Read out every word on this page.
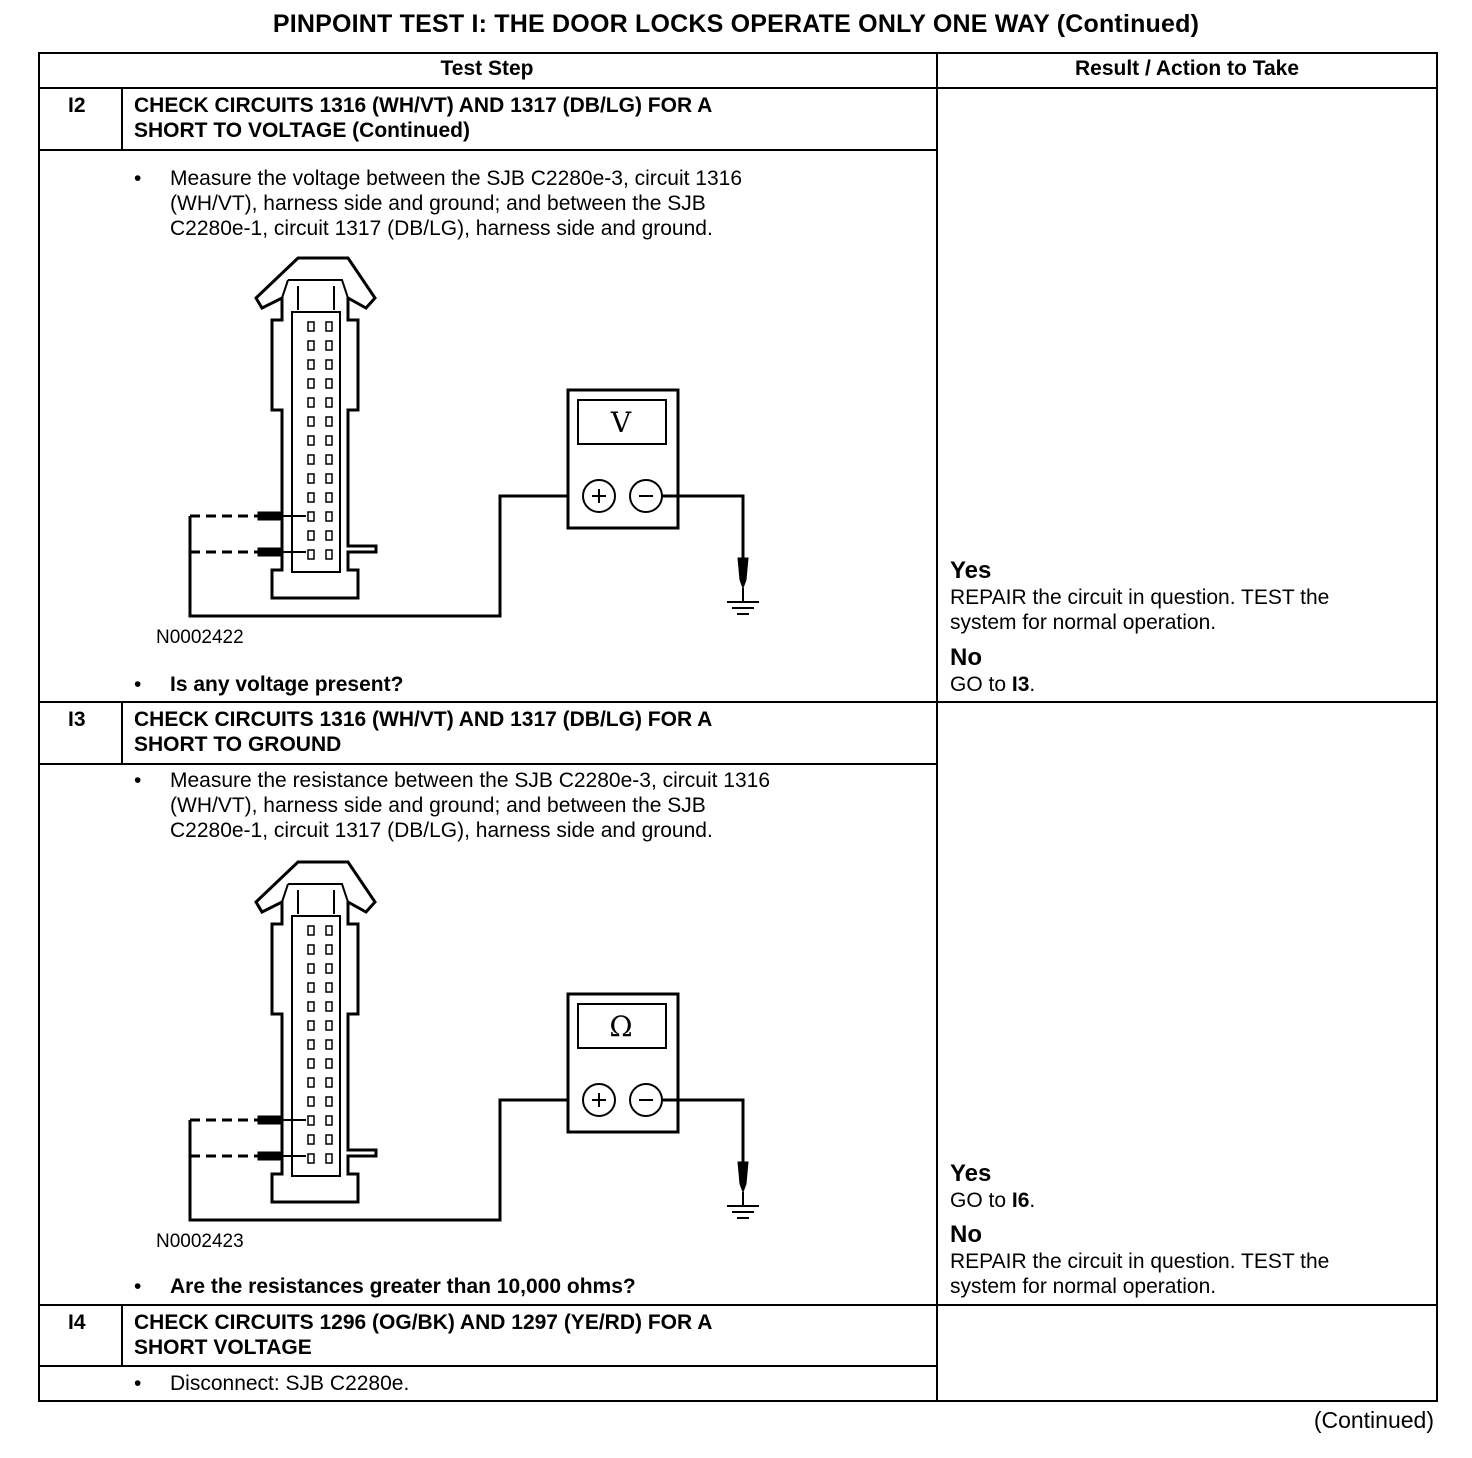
PINPOINT TEST I: THE DOOR LOCKS OPERATE ONLY ONE WAY (Continued)
Test Step	Result / Action to Take
I2 CHECK CIRCUITS 1316 (WH/VT) AND 1317 (DB/LG) FOR A
SHORT TO VOLTAGE (Continued)
• Measure the voltage between the SJB C2280e-3, circuit 1316
(WH/VT), harness side and ground; and between the SJB
C2280e-1, circuit 1317 (DB/LG), harness side and ground.
N0002422
• Is any voltage present?
Yes
REPAIR the circuit in question. TEST the
system for normal operation.
No
GO to I3.
I3 CHECK CIRCUITS 1316 (WH/VT) AND 1317 (DB/LG) FOR A
SHORT TO GROUND
• Measure the resistance between the SJB C2280e-3, circuit 1316
(WH/VT), harness side and ground; and between the SJB
C2280e-1, circuit 1317 (DB/LG), harness side and ground.
N0002423
• Are the resistances greater than 10,000 ohms?
Yes
GO to I6.
No
REPAIR the circuit in question. TEST the
system for normal operation.
I4 CHECK CIRCUITS 1296 (OG/BK) AND 1297 (YE/RD) FOR A
SHORT VOLTAGE
• Disconnect: SJB C2280e.
V
Ω
(Continued)
